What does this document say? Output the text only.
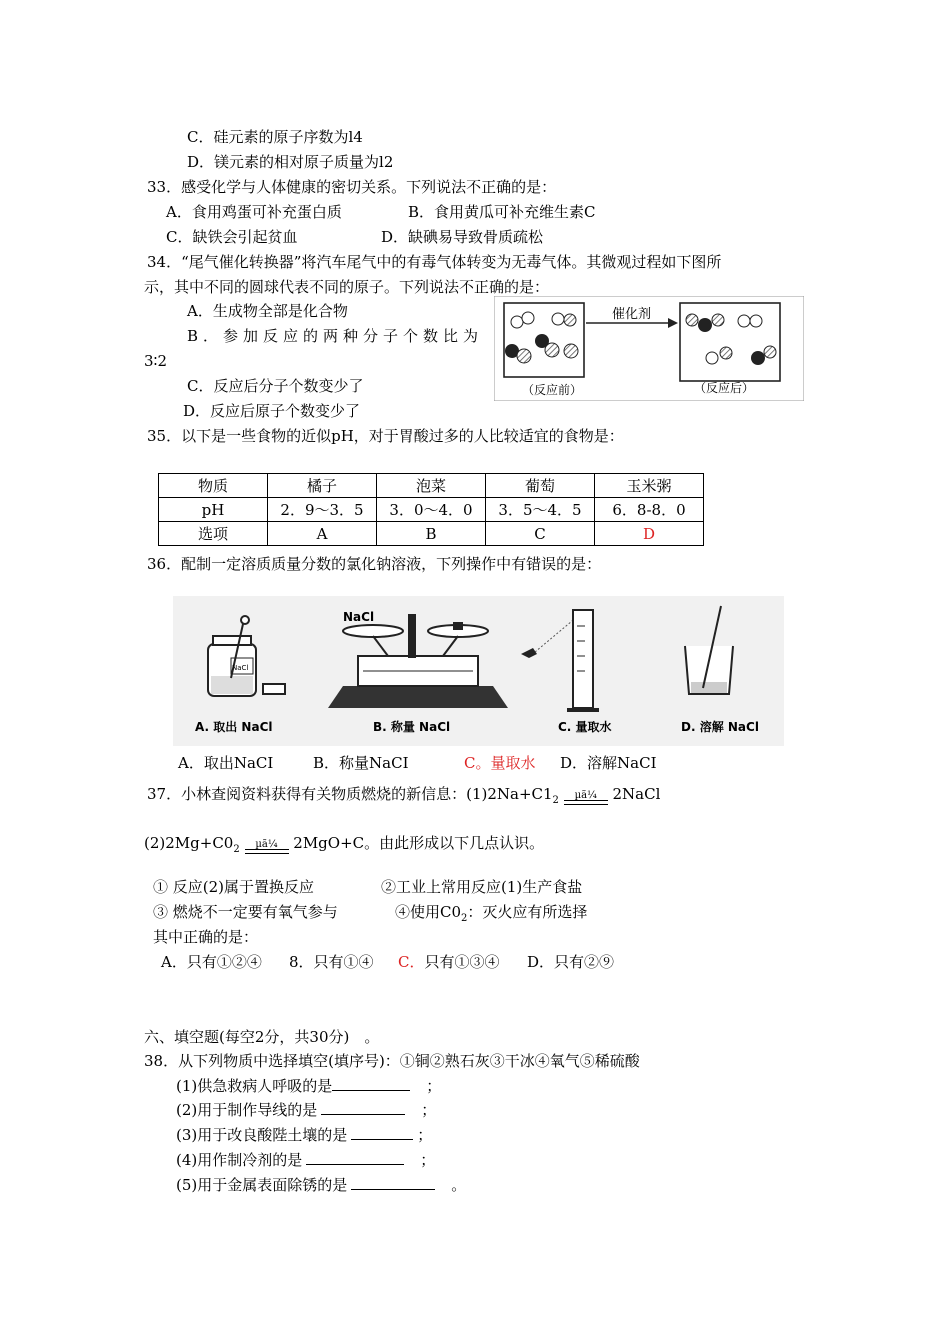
C．硅元素的原子序数为l4
D．镁元素的相对原子质量为l2
33．感受化学与人体健康的密切关系。下列说法不正确的是：
A．食用鸡蛋可补充蛋白质	B．食用黄瓜可补充维生素C
C．缺铁会引起贫血	D．缺碘易导致骨质疏松
34．“尾气催化转换器”将汽车尾气中的有毒气体转变为无毒气体。其微观过程如下图所
示，其中不同的圆球代表不同的原子。下列说法不正确的是：
A．生成物全部是化合物
B．参加反应的两种分子个数比为
3∶2
C．反应后分子个数变少了
D．反应后原子个数变少了
催化剂
（反应前）	（反应后）
35．以下是一些食物的近似pH，对于胃酸过多的人比较适宜的食物是：
物质	橘子	泡菜	葡萄	玉米粥
pH	2．9～3．5	3．0～4．0	3．5～4．5	6．8-8．0
选项	A	B	C	D
36．配制一定溶质质量分数的氯化钠溶液，下列操作中有错误的是：
NaCl
NaCl
A. 取出 NaCl	B. 称量 NaCl	C. 量取水	D. 溶解 NaCl
A．取出NaCI	B．称量NaCI	C。量取水 D．溶解NaCI
37．小林查阅资料获得有关物质燃烧的新信息：$(1)2Na+C1_2$	µã¼	2NaCl
$(2)2Mg+C0_2$	µã¼	2MgO+C。由此形成以下几点认识。
① 反应(2)属于置换反应	②工业上常用反应(1)生产食盐
③ 燃烧不一定要有氧气参与	④使用$C0_2$：灭火应有所选择
其中正确的是：
A．只有①②④ 8．只有①④ C．只有①③④ D．只有②⑨
六、填空题(每空2分，共30分)　。
38．从下列物质中选择填空(填序号)：①铜②熟石灰③干冰④氧气⑤稀硫酸
(1)供急救病人呼吸的是	；
(2)用于制作导线的是	；
(3)用于改良酸陛土壤的是	；
(4)用作制冷剂的是	；
(5)用于金属表面除锈的是	。
